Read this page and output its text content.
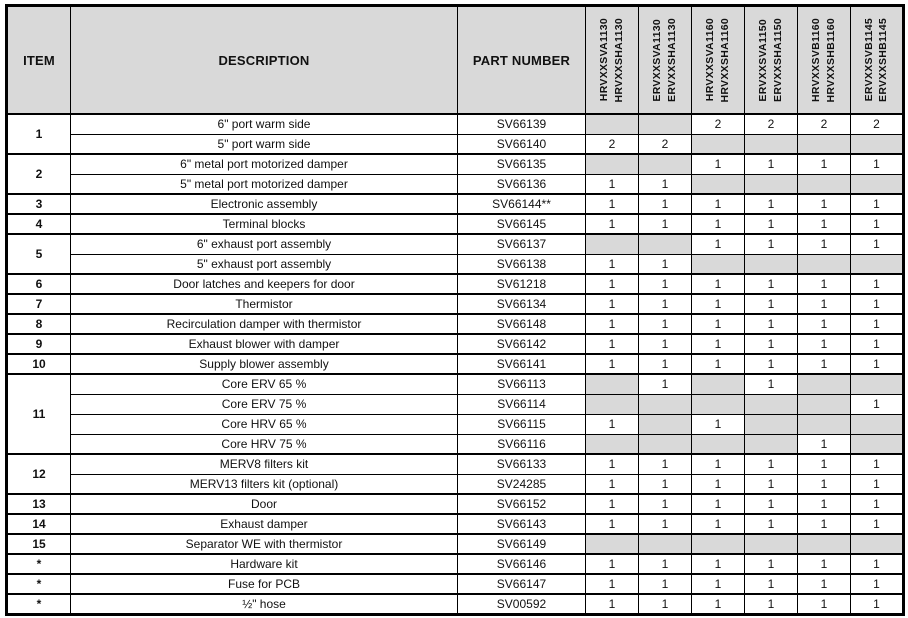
ITEM	DESCRIPTION	PART NUMBER	HRVXXSVA1130 HRVXXSHA1130	ERVXXSVA1130 ERVXXSHA1130	HRVXXSVA1160 HRVXXSHA1160	ERVXXSVA1150 ERVXXSHA1150	HRVXXSVB1160 HRVXXSHB1160	ERVXXSVB1145 ERVXXSHB1145

1	6" port warm side	SV66139			2	2	2	2
	5" port warm side	SV66140	2	2				
2	6" metal port motorized damper	SV66135			1	1	1	1
	5" metal port motorized damper	SV66136	1	1				
3	Electronic assembly	SV66144**	1	1	1	1	1	1
4	Terminal blocks	SV66145	1	1	1	1	1	1
5	6" exhaust port assembly	SV66137			1	1	1	1
	5" exhaust port assembly	SV66138	1	1				
6	Door latches and keepers for door	SV61218	1	1	1	1	1	1
7	Thermistor	SV66134	1	1	1	1	1	1
8	Recirculation damper with thermistor	SV66148	1	1	1	1	1	1
9	Exhaust blower with damper	SV66142	1	1	1	1	1	1
10	Supply blower assembly	SV66141	1	1	1	1	1	1
11	Core ERV 65 %	SV66113		1		1		
	Core ERV 75 %	SV66114						1
	Core HRV 65 %	SV66115	1		1			
	Core HRV 75 %	SV66116					1	
12	MERV8 filters kit	SV66133	1	1	1	1	1	1
	MERV13 filters kit (optional)	SV24285	1	1	1	1	1	1
13	Door	SV66152	1	1	1	1	1	1
14	Exhaust damper	SV66143	1	1	1	1	1	1
15	Separator WE with thermistor	SV66149						
*	Hardware kit	SV66146	1	1	1	1	1	1
*	Fuse for PCB	SV66147	1	1	1	1	1	1
*	½" hose	SV00592	1	1	1	1	1	1
